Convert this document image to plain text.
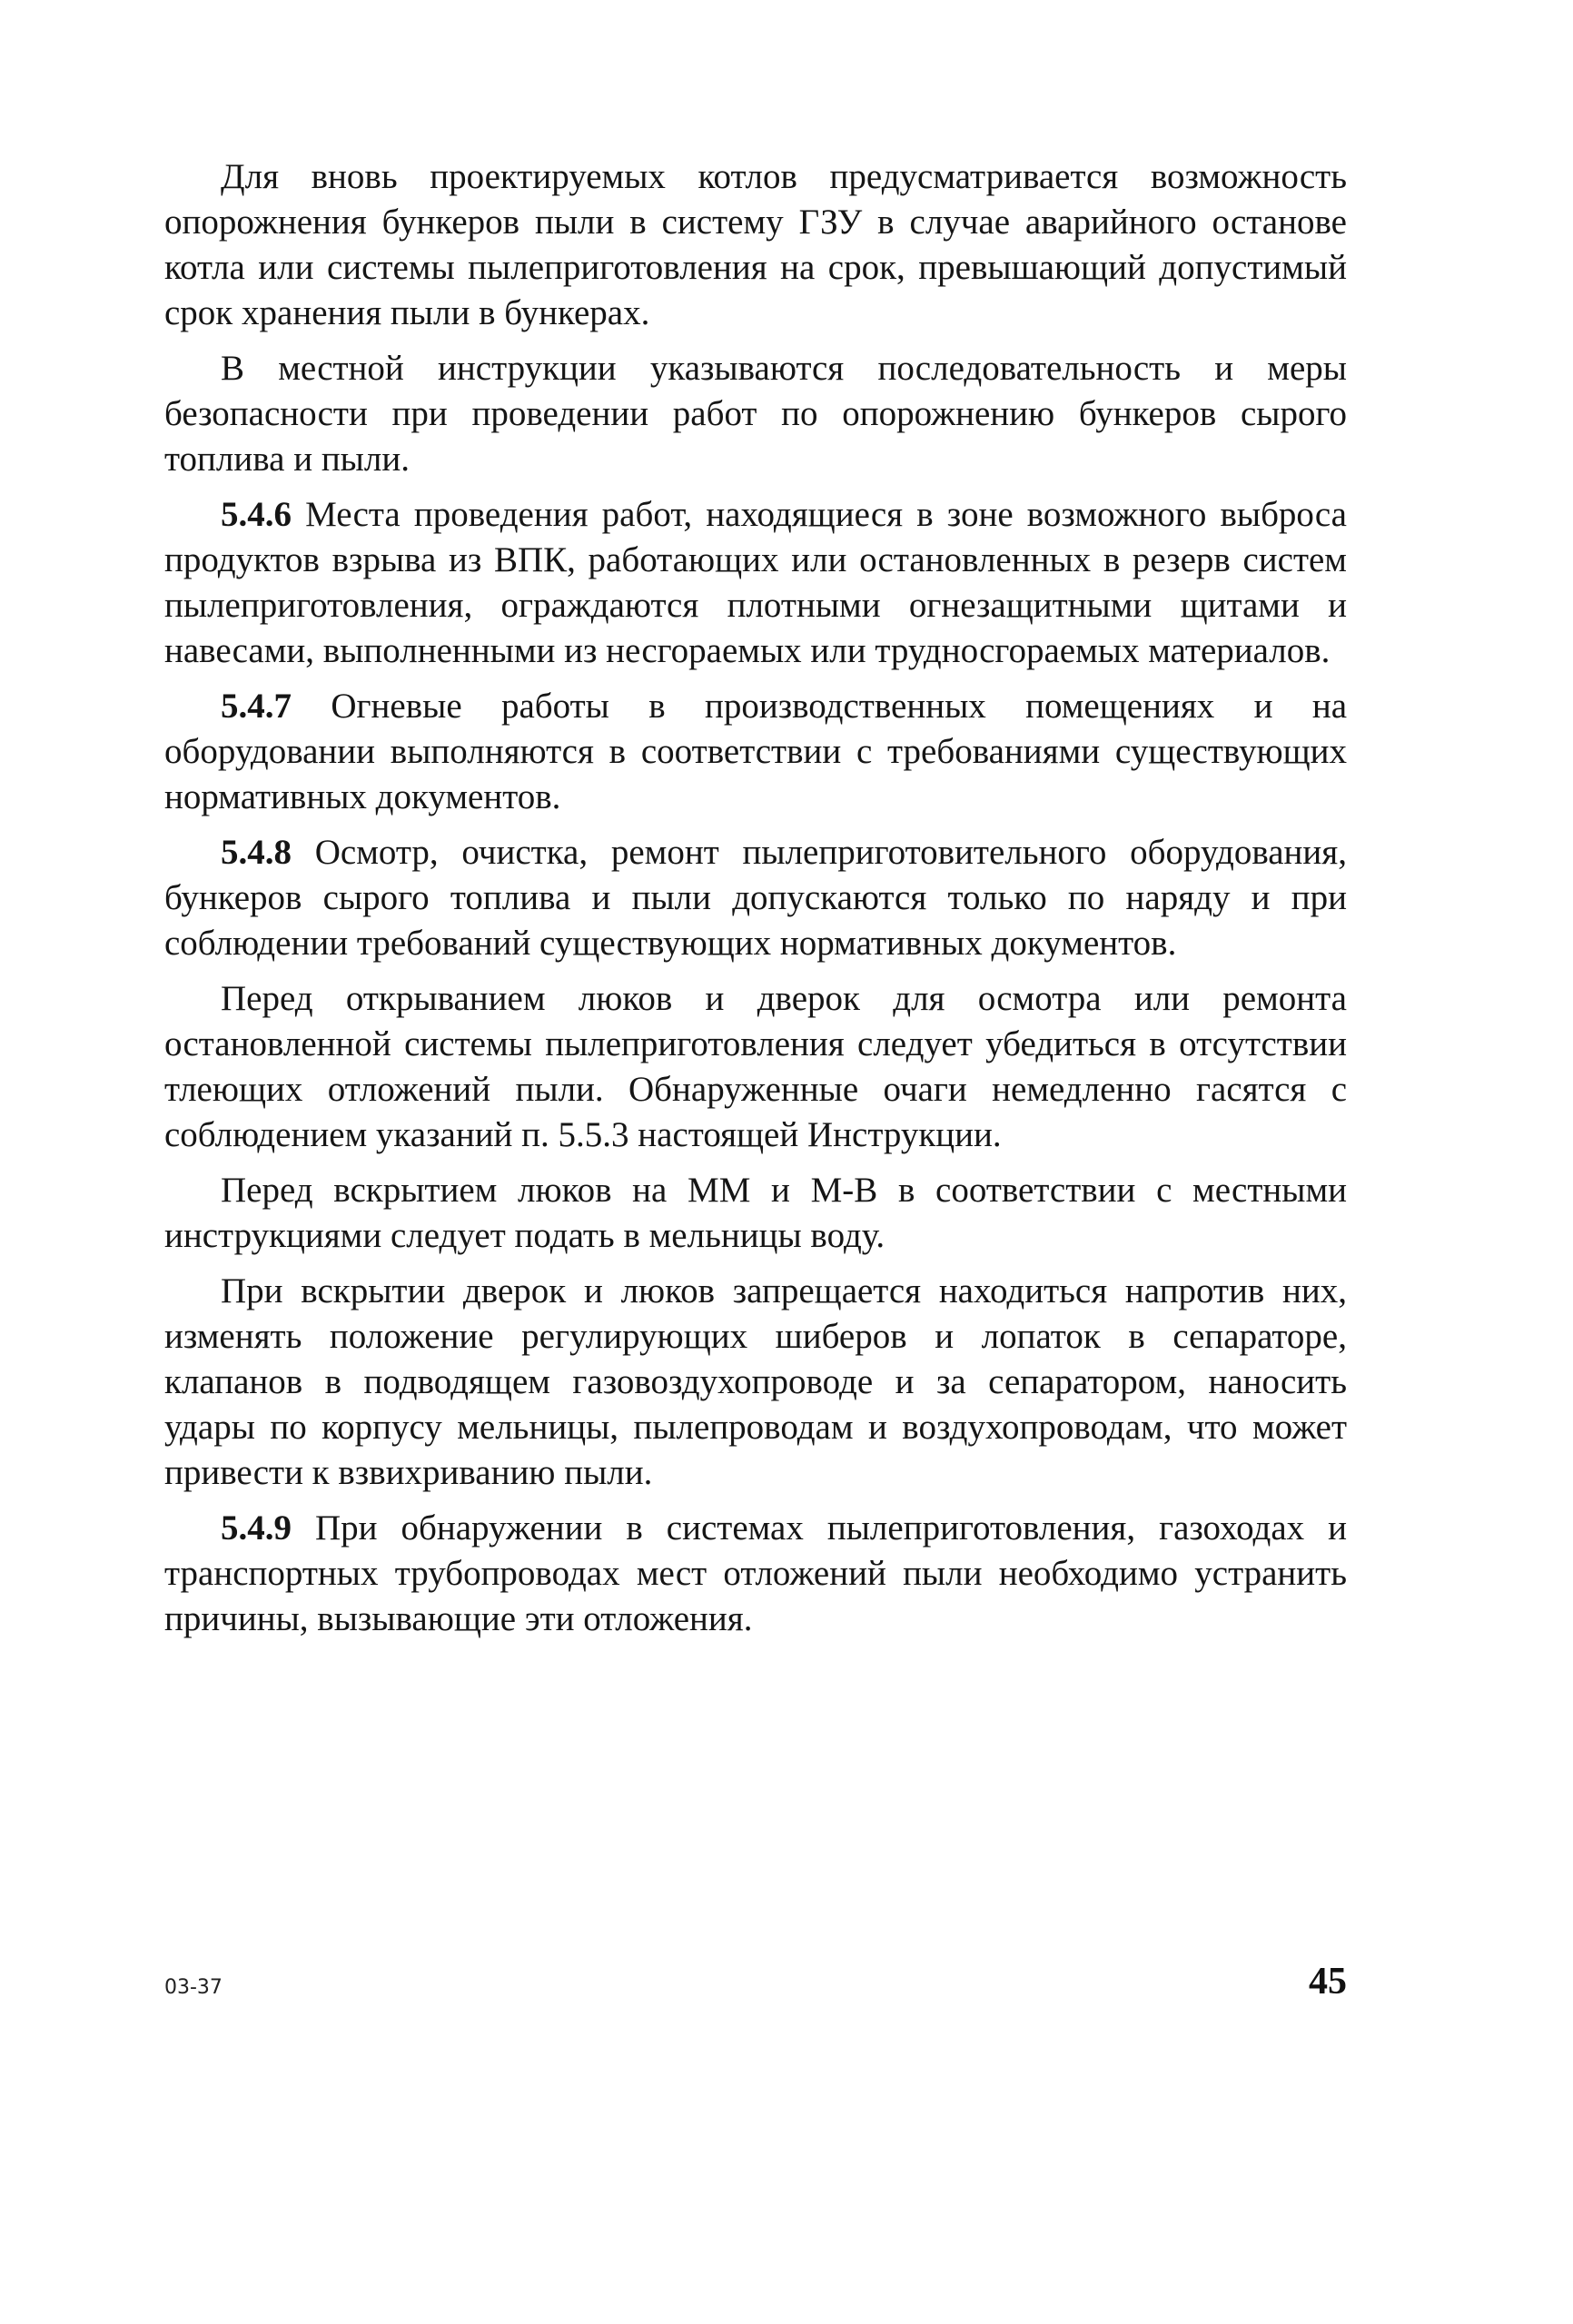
Для вновь проектируемых котлов предусматривается возможность опорожнения бункеров пыли в систему ГЗУ в случае аварийного останове котла или системы пылеприготовления на срок, превышающий допустимый срок хранения пыли в бункерах.

В местной инструкции указываются последовательность и меры безопасности при проведении работ по опорожнению бункеров сырого топлива и пыли.

5.4.6 Места проведения работ, находящиеся в зоне возможного выброса продуктов взрыва из ВПК, работающих или остановленных в резерв систем пылеприготовления, ограждаются плотными огнезащитными щитами и навесами, выполненными из несгораемых или трудносгораемых материалов.

5.4.7 Огневые работы в производственных помещениях и на оборудовании выполняются в соответствии с требованиями существующих нормативных документов.

5.4.8 Осмотр, очистка, ремонт пылеприготовительного оборудования, бункеров сырого топлива и пыли допускаются только по наряду и при соблюдении требований существующих нормативных документов.

Перед открыванием люков и дверок для осмотра или ремонта остановленной системы пылеприготовления следует убедиться в отсутствии тлеющих отложений пыли. Обнаруженные очаги немедленно гасятся с соблюдением указаний п. 5.5.3 настоящей Инструкции.

Перед вскрытием люков на ММ и М-В в соответствии с местными инструкциями следует подать в мельницы воду.

При вскрытии дверок и люков запрещается находиться напротив них, изменять положение регулирующих шиберов и лопаток в сепараторе, клапанов в подводящем газовоздухопроводе и за сепаратором, наносить удары по корпусу мельницы, пылепроводам и воздухопроводам, что может привести к взвихриванию пыли.

5.4.9 При обнаружении в системах пылеприготовления, газоходах и транспортных трубопроводах мест отложений пыли необходимо устранить причины, вызывающие эти отложения.

03-37	45
